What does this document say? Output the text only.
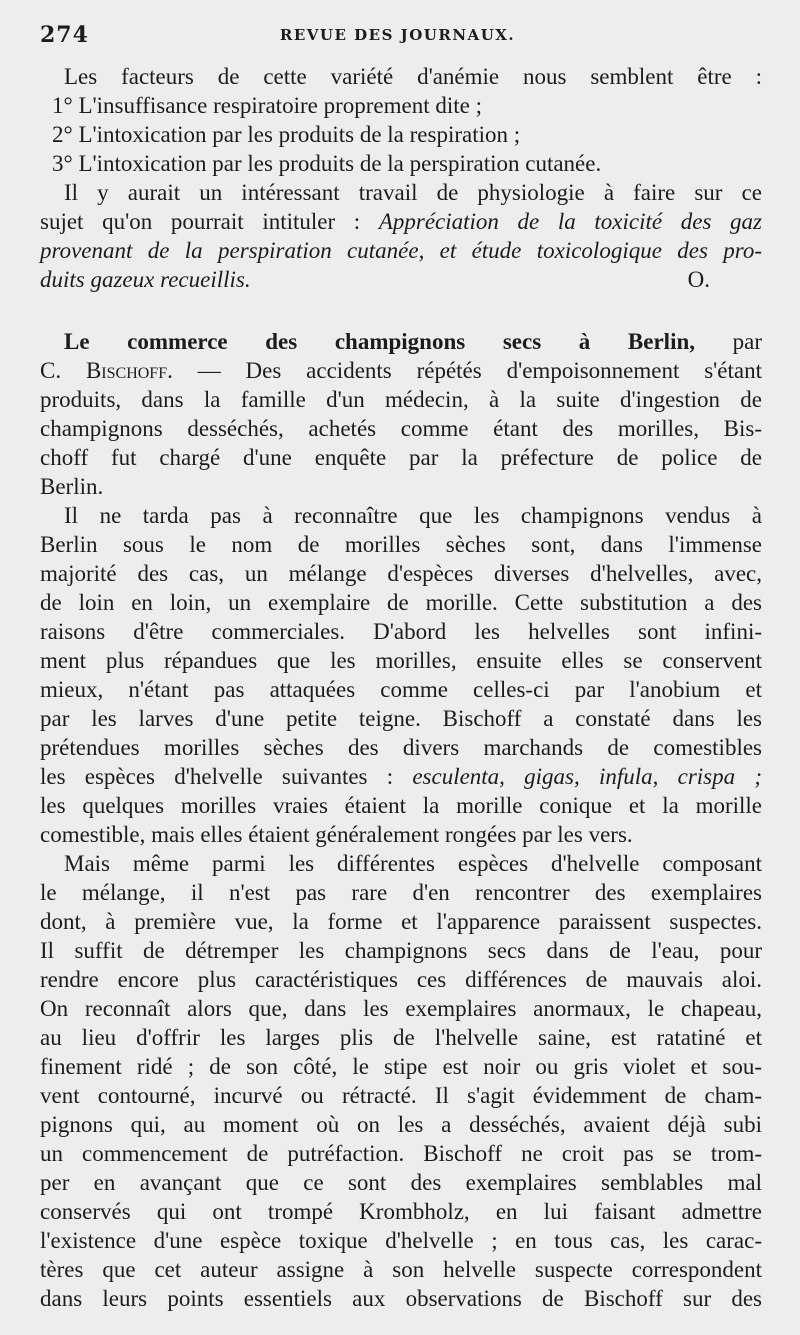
274	REVUE DES JOURNAUX.
Les facteurs de cette variété d'anémie nous semblent être :
1° L'insuffisance respiratoire proprement dite ;
2° L'intoxication par les produits de la respiration ;
3° L'intoxication par les produits de la perspiration cutanée.
Il y aurait un intéressant travail de physiologie à faire sur ce
sujet qu'on pourrait intituler : Appréciation de la toxicité des gaz
provenant de la perspiration cutanée, et étude toxicologique des pro-
duits gazeux recueillis.	O.
Le commerce des champignons secs à Berlin, par
C. Bischoff. — Des accidents répétés d'empoisonnement s'étant
produits, dans la famille d'un médecin, à la suite d'ingestion de
champignons desséchés, achetés comme étant des morilles, Bis-
choff fut chargé d'une enquête par la préfecture de police de
Berlin.
Il ne tarda pas à reconnaître que les champignons vendus à
Berlin sous le nom de morilles sèches sont, dans l'immense
majorité des cas, un mélange d'espèces diverses d'helvelles, avec,
de loin en loin, un exemplaire de morille. Cette substitution a des
raisons d'être commerciales. D'abord les helvelles sont infini-
ment plus répandues que les morilles, ensuite elles se conservent
mieux, n'étant pas attaquées comme celles-ci par l'anobium et
par les larves d'une petite teigne. Bischoff a constaté dans les
prétendues morilles sèches des divers marchands de comestibles
les espèces d'helvelle suivantes : esculenta, gigas, infula, crispa ;
les quelques morilles vraies étaient la morille conique et la morille
comestible, mais elles étaient généralement rongées par les vers.
Mais même parmi les différentes espèces d'helvelle composant
le mélange, il n'est pas rare d'en rencontrer des exemplaires
dont, à première vue, la forme et l'apparence paraissent suspectes.
Il suffit de détremper les champignons secs dans de l'eau, pour
rendre encore plus caractéristiques ces différences de mauvais aloi.
On reconnaît alors que, dans les exemplaires anormaux, le chapeau,
au lieu d'offrir les larges plis de l'helvelle saine, est ratatiné et
finement ridé ; de son côté, le stipe est noir ou gris violet et sou-
vent contourné, incurvé ou rétracté. Il s'agit évidemment de cham-
pignons qui, au moment où on les a desséchés, avaient déjà subi
un commencement de putréfaction. Bischoff ne croit pas se trom-
per en avançant que ce sont des exemplaires semblables mal
conservés qui ont trompé Krombholz, en lui faisant admettre
l'existence d'une espèce toxique d'helvelle ; en tous cas, les carac-
tères que cet auteur assigne à son helvelle suspecte correspondent
dans leurs points essentiels aux observations de Bischoff sur des
